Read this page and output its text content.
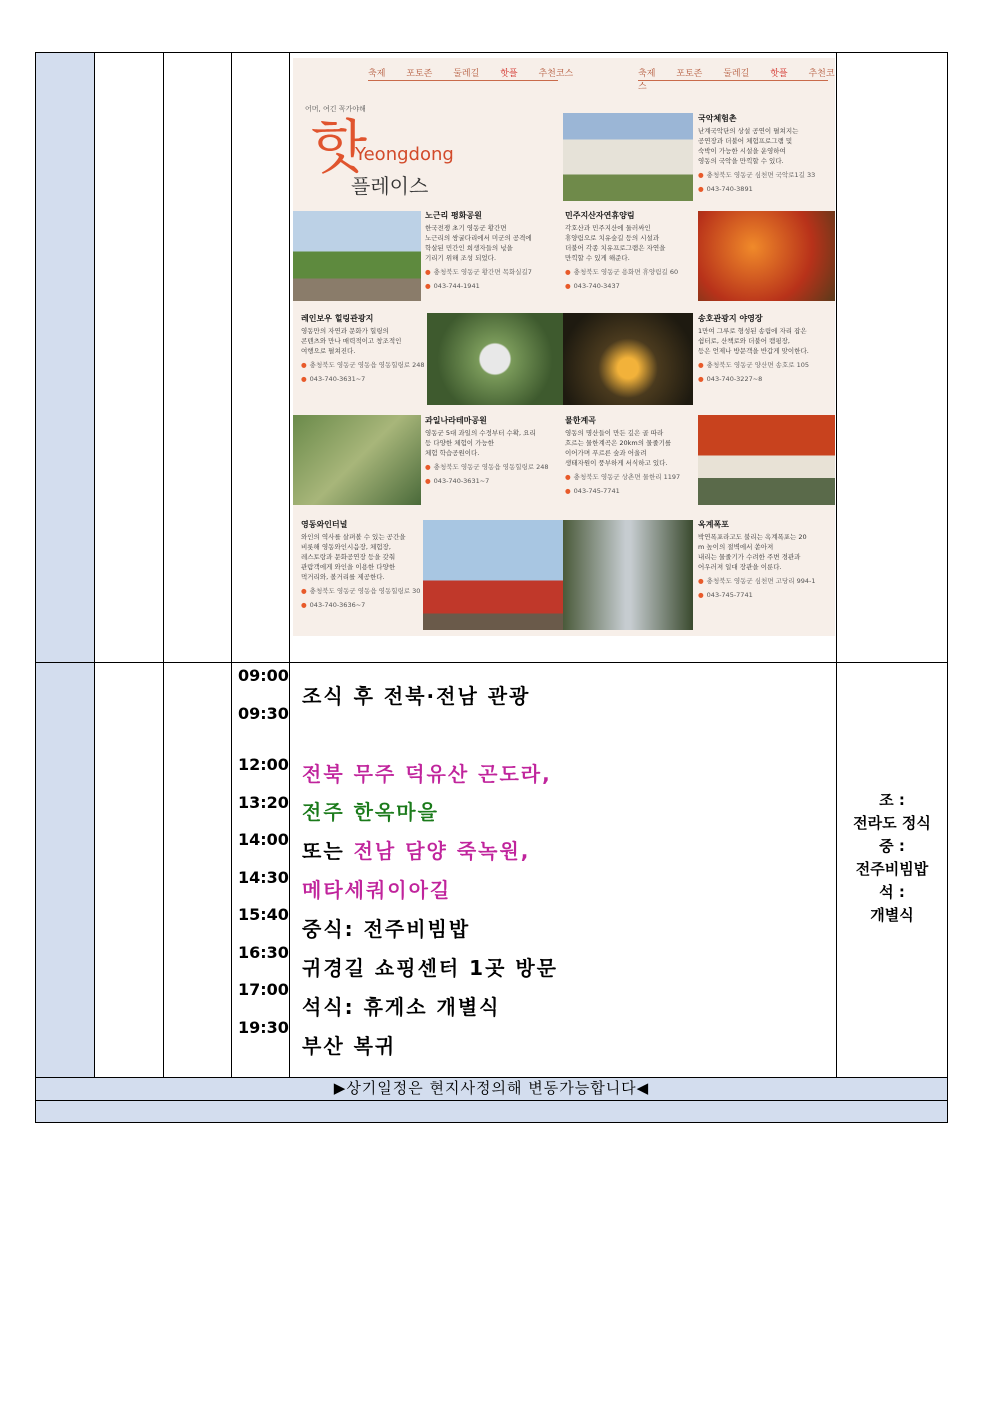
축제 포토존 둘레길 핫플 추천코스	축제 포토존 둘레길 핫플 추천코스
어머, 여긴 꼭가야해
핫
Yeongdong
플레이스
국악체험촌
난계국악단의 상설 공연이 펼쳐지는
공연장과 더불어 체험프로그램 및
숙박이 가능한 시설을 운영하여
영동의 국악을 만끽할 수 있다.
● 충청북도 영동군 심천면 국악로1길 33
● 043-740-3891
노근리 평화공원
한국전쟁 초기 영동군 황간면
노근리의 쌍굴다리에서 미군의 공격에
학살된 민간인 희생자들의 넋을
기리기 위해 조성 되었다.
● 충청북도 영동군 황간면 목화실길7
● 043-744-1941
민주지산자연휴양림
각호산과 민주지산에 둘러싸인
휴양림으로 치유숲길 등의 시설과
더불어 각종 치유프로그램은 자연을
만끽할 수 있게 해준다.
● 충청북도 영동군 용화면 휴양림길 60
● 043-740-3437
레인보우 힐링관광지
영동만의 자연과 문화가 힐링의
콘텐츠와 만나 매력적이고 창조적인
여행으로 펼쳐진다.
● 충청북도 영동군 영동읍 영동힐링로 248
● 043-740-3631~7
송호관광지 야영장
1만여 그루로 형성된 송림에 자리 잡은
쉼터로, 산책로와 더불어 캠핑장,
등은 언제나 방문객을 반갑게 맞이한다.
● 충청북도 영동군 양산면 송호로 105
● 043-740-3227~8
과일나라테마공원
영동군 5대 과일의 수정부터 수확, 요리
등 다양한 체험이 가능한
체험 학습공원이다.
● 충청북도 영동군 영동읍 영동힐링로 248
● 043-740-3631~7
물한계곡
영동의 명산들이 만든 깊은 골 따라
흐르는 물한계곡은 20km의 물줄기를
이어가며 푸르른 숲과 어울려
생태자원이 풍부하게 서식하고 있다.
● 충청북도 영동군 상촌면 물한리 1197
● 043-745-7741
영동와인터널
와인의 역사를 살펴볼 수 있는 공간을
비롯해 영동와인시음장, 체험장,
레스토랑과 문화공연장 등을 갖춰
관람객에게 와인을 이용한 다양한
먹거리와, 볼거리를 제공한다.
● 충청북도 영동군 영동읍 영동힐링로 30
● 043-740-3636~7
옥계폭포
박연폭포라고도 불리는 옥계폭포는 20
m 높이의 절벽에서 쏟아져
내리는 물줄기가 수려한 주변 경관과
어우러져 일대 장관을 이룬다.
● 충청북도 영동군 심천면 고당리 994-1
● 043-745-7741
09:00
09:30
12:00
13:20
14:00
14:30
15:40
16:30
17:00
19:30
조식 후 전북·전남 관광
전북 무주 덕유산 곤도라,
전주 한옥마을
또는 전남 담양 죽녹원,
메타세쿼이아길
중식: 전주비빔밥
귀경길 쇼핑센터 1곳 방문
석식: 휴게소 개별식
부산 복귀
조 :
전라도 정식
중 :
전주비빔밥
석 :
개별식
▶상기일정은 현지사정의해 변동가능합니다◀
